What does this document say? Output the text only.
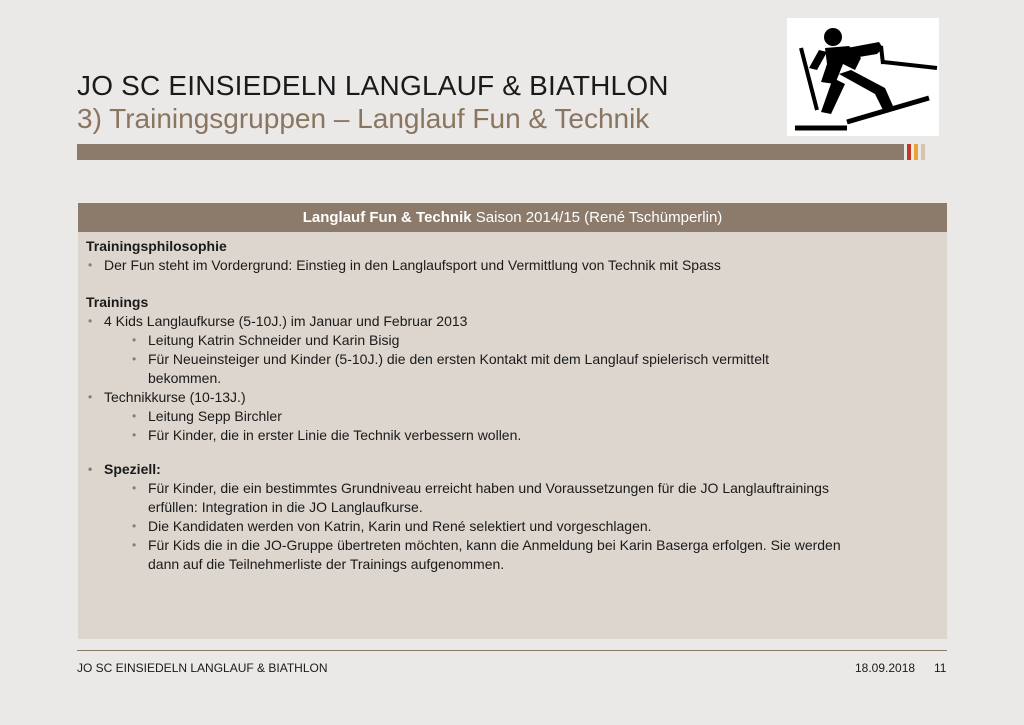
JO SC EINSIEDELN LANGLAUF & BIATHLON
3) Trainingsgruppen – Langlauf Fun & Technik
Langlauf Fun & Technik Saison 2014/15 (René Tschümperlin)
Trainingsphilosophie
• Der Fun steht im Vordergrund: Einstieg in den Langlaufsport und Vermittlung von Technik mit Spass
Trainings
• 4 Kids Langlaufkurse (5-10J.) im Januar und Februar 2013
• Leitung Katrin Schneider und Karin Bisig
• Für Neueinsteiger und Kinder (5-10J.) die den ersten Kontakt mit dem Langlauf spielerisch vermittelt
bekommen.
• Technikkurse (10-13J.)
• Leitung Sepp Birchler
• Für Kinder, die in erster Linie die Technik verbessern wollen.
• Speziell:
• Für Kinder, die ein bestimmtes Grundniveau erreicht haben und Voraussetzungen für die JO Langlauftrainings
erfüllen: Integration in die JO Langlaufkurse.
• Die Kandidaten werden von Katrin, Karin und René selektiert und vorgeschlagen.
• Für Kids die in die JO-Gruppe übertreten möchten, kann die Anmeldung bei Karin Baserga erfolgen. Sie werden
dann auf die Teilnehmerliste der Trainings aufgenommen.
JO SC EINSIEDELN LANGLAUF & BIATHLON	18.09.2018 11
